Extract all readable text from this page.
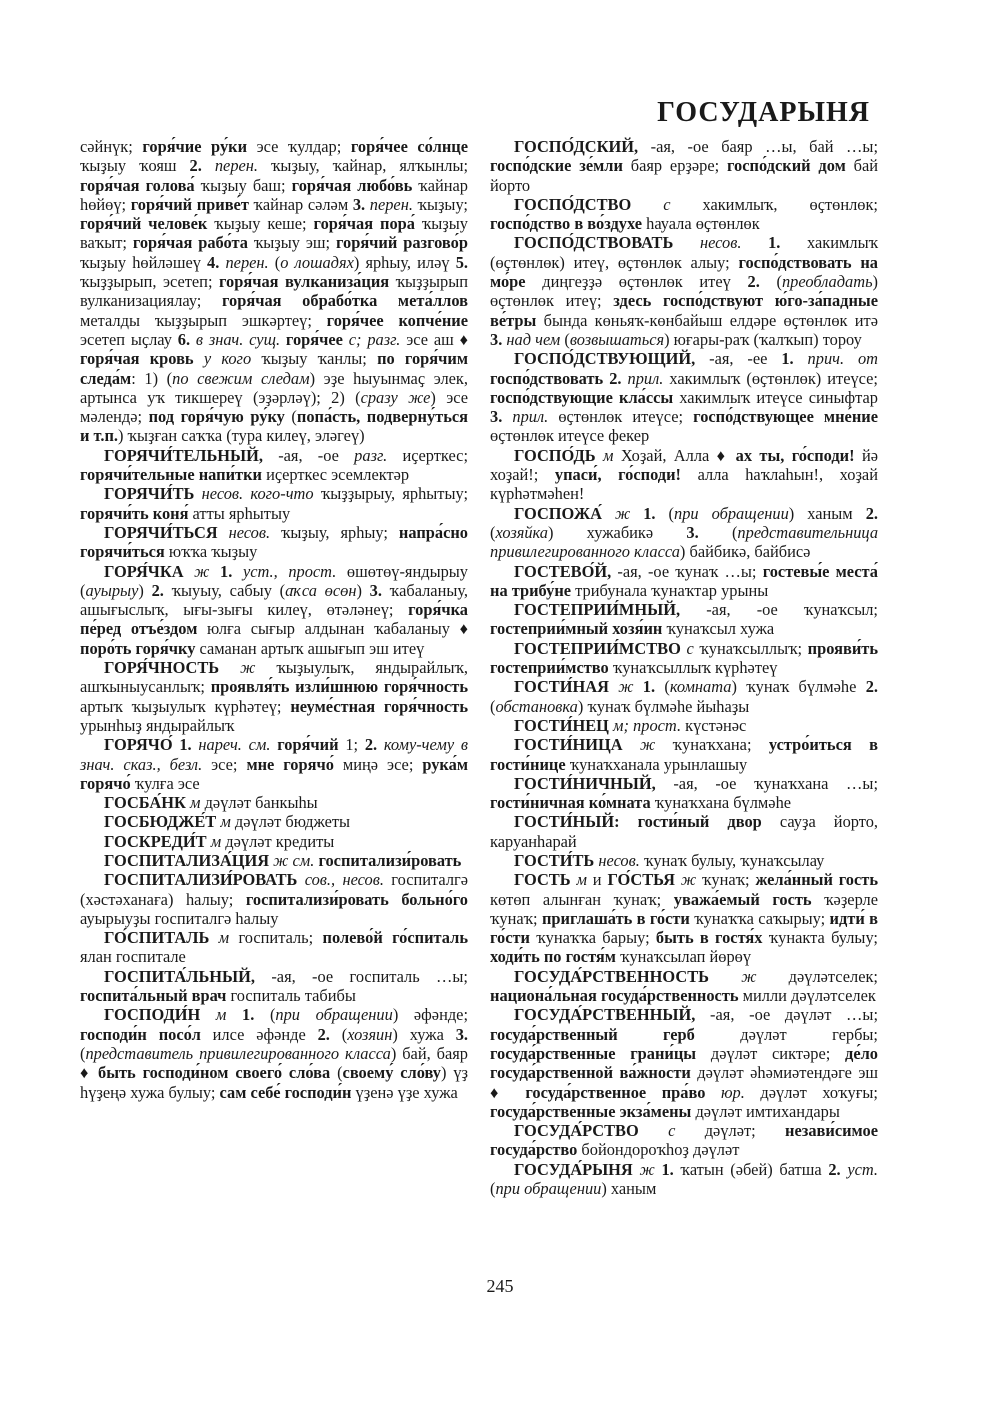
ГОСУДАРЫНЯ

сәйнүк; горя́чие ру́ки эсе ҡулдар; горя́чее со́лнце ҡыҙыу ҡояш 2. перен. ҡыҙыу, ҡайнар, ялҡынлы; горя́чая голова́ ҡыҙыу баш; горя́чая любо́вь ҡайнар һөйөү; горя́чий приве́т ҡайнар сәләм 3. перен. ҡыҙыу; горя́чий челове́к ҡыҙыу кеше; горя́чая пора́ ҡыҙыу ваҡыт; горя́чая рабо́та ҡыҙыу эш; горя́чий разгово́р ҡыҙыу һөйләшеү 4. перен. (о лошадях) ярһыу, иләү 5. ҡыҙҙырып, эсетеп; горя́чая вулканиза́ция ҡыҙҙырып вулканизациялау; горя́чая обрабо́тка мета́ллов металды ҡыҙҙырып эшкәртеү; горя́чее копче́ние эсетеп ыҫлау 6. в знач. сущ. горя́чее с; разг. эсе аш ♦ горя́чая кровь у кого ҡыҙыу ҡанлы; по горя́чим следа́м: 1) (по свежим следам) эҙе һыуынмаҫ элек, артынса уҡ тикшереү (эҙәрләү); 2) (сразу же) эсе мәлендә; под горя́чую ру́ку (попа́сть, подверну́ться и т.п.) ҡыҙған саҡҡа (тура килеү, эләгеү)

ГОРЯЧИ́ТЕЛЬНЫЙ, -ая, -ое разг. иҫерткес; горячи́тельные напи́тки иҫерткес эсемлектәр

ГОРЯЧИ́ТЬ несов. кого-что ҡыҙҙырыу, ярһытыу; горячи́ть коня́ атты ярһытыу

ГОРЯЧИ́ТЬСЯ несов. ҡыҙыу, ярһыу; напра́сно горячи́ться юҡҡа ҡыҙыу

ГОРЯ́ЧКА ж 1. уст., прост. өшөтөү-яндырыу (ауырыу) 2. ҡыуыу, сабыу (аҡса өсөн) 3. ҡабаланыу, ашығыслыҡ, ығы-зығы килеү, өтәләнеү; горя́чка пе́ред отъе́здом юлға сығыр алдынан ҡабаланыу ♦ поро́ть горя́чку саманан артыҡ ашығып эш итеү

ГОРЯ́ЧНОСТЬ ж ҡыҙыулыҡ, яндырайлыҡ, ашҡыныусанлыҡ; проявля́ть изли́шнюю горя́чность артыҡ ҡыҙыулыҡ күрһәтеү; неуме́стная горя́чность урынһыҙ яндырайлыҡ

ГОРЯЧО́ 1. нареч. см. горя́чий 1; 2. кому-чему в знач. сказ., безл. эсе; мне горячо́ миңә эсе; рука́м горячо́ ҡулға эсе

ГОСБА́НК м дәүләт банкыһы

ГОСБЮДЖЕ́Т м дәүләт бюджеты

ГОСКРЕДИ́Т м дәүләт кредиты

ГОСПИТАЛИЗА́ЦИЯ ж см. госпитализи́ровать

ГОСПИТАЛИЗИ́РОВАТЬ сов., несов. госпиталгә (хәстәханаға) һалыу; госпитализи́ровать больно́го ауырыуҙы госпиталгә һалыу

ГО́СПИТАЛЬ м госпиталь; полево́й го́спиталь ялан госпитале

ГОСПИТА́ЛЬНЫЙ, -ая, -ое госпиталь …ы; госпита́льный врач госпиталь табибы

ГОСПОДИ́Н м 1. (при обращении) әфәнде; господи́н посо́л илсе әфәнде 2. (хозяин) хужа 3. (представитель привилегированного класса) бай, баяр ♦ быть господи́ном своего́ сло́ва (своему́ сло́ву) үҙ һүҙеңә хужа булыу; сам себе́ господи́н үҙенә үҙе хужа

ГОСПО́ДСКИЙ, -ая, -ое баяр …ы, бай …ы; госпо́дские зе́мли баяр ерҙәре; госпо́дский дом бай йорто

ГОСПО́ДСТВО с хакимлыҡ, өҫтөнлөк; госпо́дство в во́здухе һауала өҫтөнлөк

ГОСПО́ДСТВОВАТЬ несов. 1. хакимлыҡ (өҫтөнлөк) итеү, өҫтөнлөк алыу; госпо́дствовать на мо́ре диңгеҙҙә өҫтөнлөк итеү 2. (преобладать) өҫтөнлөк итеү; здесь госпо́дствуют ю́го-за́падные ве́тры бында көньяҡ-көнбайыш елдәре өҫтөнлөк итә 3. над чем (возвышаться) юғары-раҡ (ҡалҡып) тороу

ГОСПО́ДСТВУЮЩИЙ, -ая, -ее 1. прич. от госпо́дствовать 2. прил. хакимлыҡ (өҫтөнлөк) итеүсе; госпо́дствующие кла́ссы хакимлыҡ итеүсе синыфтар 3. прил. өҫтөнлөк итеүсе; госпо́дствующее мне́ние өҫтөнлөк итеүсе фекер

ГОСПО́ДЬ м Хоҙай, Алла ♦ ах ты, го́споди! йә хоҙай!; упаси́, го́споди! алла һаҡлаһын!, хоҙай күрһәтмәһен!

ГОСПОЖА́ ж 1. (при обращении) ханым 2. (хозяйка) хужабикә 3. (представительница привилегированного класса) байбикә, байбисә

ГОСТЕВО́Й, -ая, -ое ҡунаҡ …ы; гостевы́е места́ на трибу́не трибунала ҡунаҡтар урыны

ГОСТЕПРИИ́МНЫЙ, -ая, -ое ҡунаҡсыл; гостеприи́мный хозя́ин ҡунаҡсыл хужа

ГОСТЕПРИИ́МСТВО с ҡунаҡсыллыҡ; прояви́ть гостеприи́мство ҡунаҡсыллыҡ күрһәтеү

ГОСТИ́НАЯ ж 1. (комната) ҡунаҡ бүлмәһе 2. (обстановка) ҡунаҡ бүлмәһе йыһаҙы

ГОСТИ́НЕЦ м; прост. күстәнәс

ГОСТИ́НИЦА ж ҡунаҡхана; устро́иться в гости́нице ҡунаҡханала урынлашыу

ГОСТИ́НИЧНЫЙ, -ая, -ое ҡунаҡхана …ы; гости́ничная ко́мната ҡунаҡхана бүлмәһе

ГОСТИ́НЫЙ: гости́ный двор сауҙа йорто, каруанһарай

ГОСТИ́ТЬ несов. ҡунаҡ булыу, ҡунаҡсылау

ГОСТЬ м и ГО́СТЬЯ ж ҡунаҡ; жела́нный гость көтөп алынған ҡунаҡ; уважа́емый гость ҡәҙерле ҡунаҡ; приглаша́ть в го́сти ҡунаҡҡа саҡырыу; идти́ в го́сти ҡунаҡҡа барыу; быть в гостя́х ҡунакта булыу; ходи́ть по гостя́м ҡунаҡсылап йөрөү

ГОСУДА́РСТВЕННОСТЬ ж дәүләтселек; национа́льная госуда́рственность милли дәүләтселек

ГОСУДА́РСТВЕННЫЙ, -ая, -ое дәүләт …ы; госуда́рственный герб дәүләт гербы; госуда́рственные грани́цы дәүләт сиктәре; де́ло госуда́рственной ва́жности дәүләт әһәмиәтендәге эш ♦ госуда́рственное пра́во юр. дәүләт хоҡуғы; госуда́рственные экза́мены дәүләт имтихандары

ГОСУДА́РСТВО с дәүләт; незави́симое госуда́рство бойондороҡһоҙ дәүләт

ГОСУДА́РЫНЯ ж 1. ҡатын (әбей) батша 2. уст. (при обращении) ханым

245
